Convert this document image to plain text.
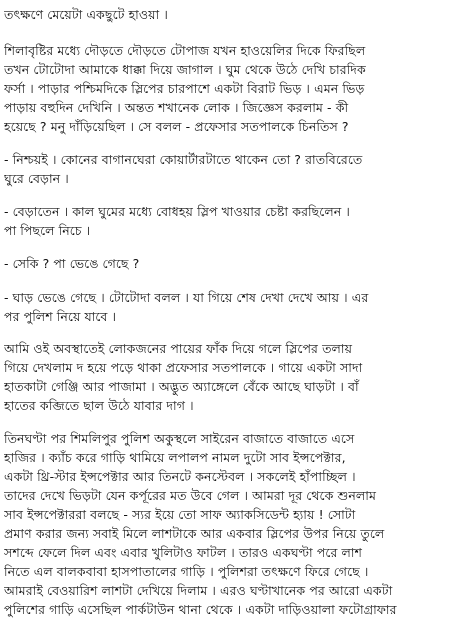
তৎক্ষণে মেয়েটা একছুটে হাওয়া ।
শিলাবৃষ্টির মধ্যে দৌড়তে দৌড়তে টোপাজ যখন হাওয়েলির দিকে ফিরছিল
তখন টোটোদা আমাকে ধাক্কা দিয়ে জাগাল । ঘুম থেকে উঠে দেখি চারদিক
ফর্সা । পাড়ার পশ্চিমদিকে স্লিপের চারপাশে একটা বিরাট ভিড় । এমন ভিড়
পাড়ায় বহুদিন দেখিনি । অন্তত শখানেক লোক । জিজ্ঞেস করলাম - কী
হয়েছে ? মনু দাঁড়িয়েছিল । সে বলল - প্রফেসার সতপালকে চিনতিস ?
- নিশ্চয়ই । কোনের বাগানঘেরা কোয়ার্টারটাতে থাকেন তো ? রাতবিরেতে
ঘুরে বেড়ান ।
- বেড়াতেন । কাল ঘুমের মধ্যে বোধহয় স্লিপ খাওয়ার চেষ্টা করছিলেন ।
পা পিছলে নিচে ।
- সেকি ? পা ভেঙে গেছে ?
- ঘাড় ভেঙে গেছে । টোটোদা বলল । যা গিয়ে শেষ দেখা দেখে আয় । এর
পর পুলিশ নিয়ে যাবে ।
আমি ওই অবস্থাতেই লোকজনের পায়ের ফাঁক দিয়ে গলে স্লিপের তলায়
গিয়ে দেখলাম দ হয়ে পড়ে থাকা প্রফেসার সতপালকে । গায়ে একটা সাদা
হাতকাটা গেঞ্জি আর পাজামা । অদ্ভুত অ্যাঙ্গেলে বেঁকে আছে ঘাড়টা । বাঁ
হাতের কব্জিতে ছাল উঠে যাবার দাগ ।
তিনঘণ্টা পর শিমলিপুর পুলিশ অকুস্থলে সাইরেন বাজাতে বাজাতে এসে
হাজির । ক্যাঁচ করে গাড়ি থামিয়ে লপালপ নামল দুটো সাব ইন্সপেক্টার,
একটা থ্রি-স্টার ইন্সপেক্টার আর তিনটে কনস্টেবল । সকলেই হাঁপাচ্ছিল ।
তাদের দেখে ভিড়টা যেন কর্পূরের মত উবে গেল । আমরা দূর থেকে শুনলাম
সাব ইন্সপেক্টাররা বলছে - স্যর ইয়ে তো সাফ অ্যাকসিডেন্ট হ্যায় ! সোটা
প্রমাণ করার জন্য সবাই মিলে লাশটাকে আর একবার স্লিপের উপর নিয়ে তুলে
সশব্দে ফেলে দিল এবং এবার খুলিটাও ফাটল । তারও একঘণ্টা পরে লাশ
নিতে এল বালকবাবা হাসপাতালের গাড়ি । পুলিশরা তৎক্ষণে ফিরে গেছে ।
আমরাই বেওয়ারিশ লাশটা দেখিয়ে দিলাম । এরও ঘণ্টাখানেক পর আরো একটা
পুলিশের গাড়ি এসেছিল পার্কটাউন থানা থেকে । একটা দাড়িওয়ালা ফটোগ্রাফার
